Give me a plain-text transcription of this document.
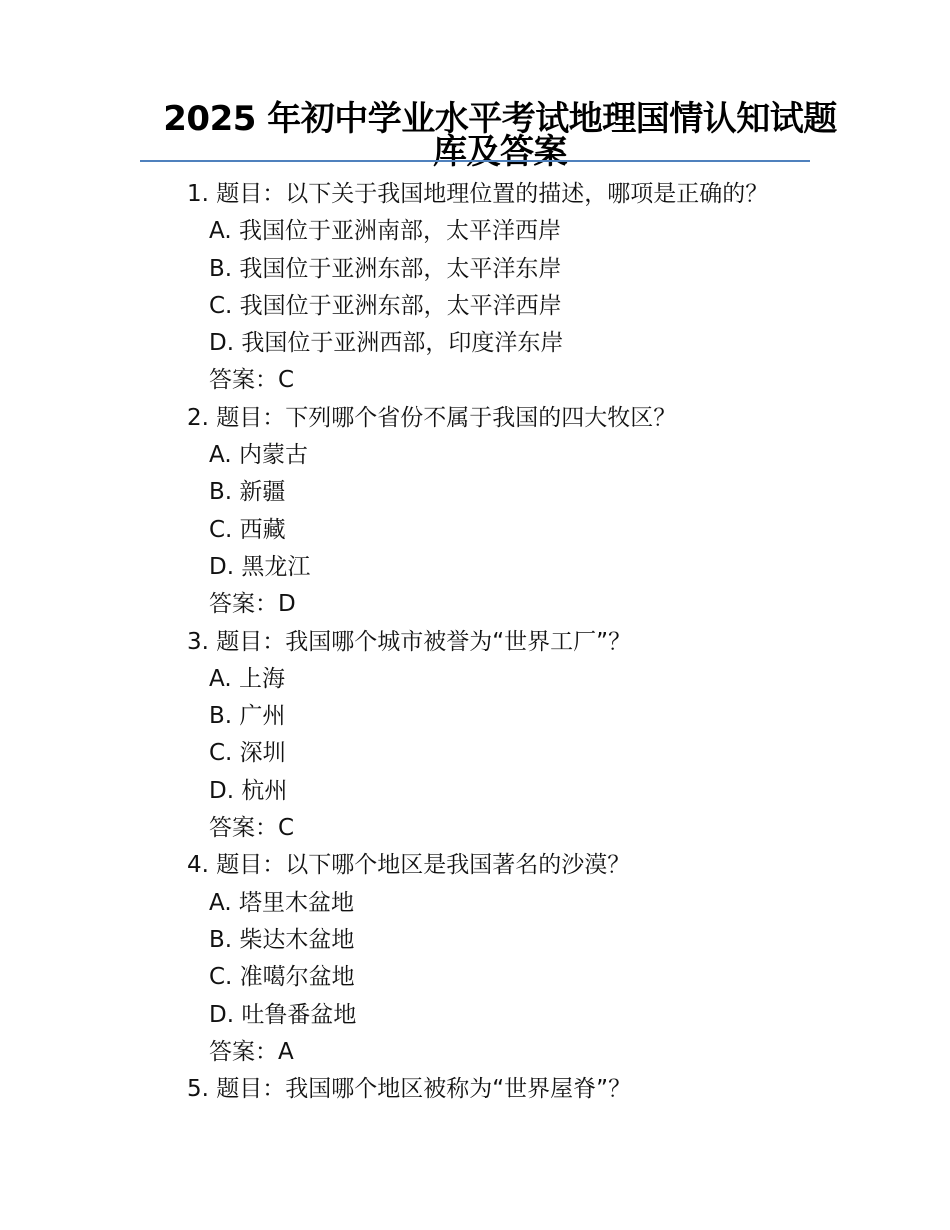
2025 年初中学业水平考试地理国情认知试题库及答案
1. 题目：以下关于我国地理位置的描述，哪项是正确的？
A. 我国位于亚洲南部，太平洋西岸
B. 我国位于亚洲东部，太平洋东岸
C. 我国位于亚洲东部，太平洋西岸
D. 我国位于亚洲西部，印度洋东岸
答案：C
2. 题目：下列哪个省份不属于我国的四大牧区？
A. 内蒙古
B. 新疆
C. 西藏
D. 黑龙江
答案：D
3. 题目：我国哪个城市被誉为“世界工厂”？
A. 上海
B. 广州
C. 深圳
D. 杭州
答案：C
4. 题目：以下哪个地区是我国著名的沙漠？
A. 塔里木盆地
B. 柴达木盆地
C. 准噶尔盆地
D. 吐鲁番盆地
答案：A
5. 题目：我国哪个地区被称为“世界屋脊”？
